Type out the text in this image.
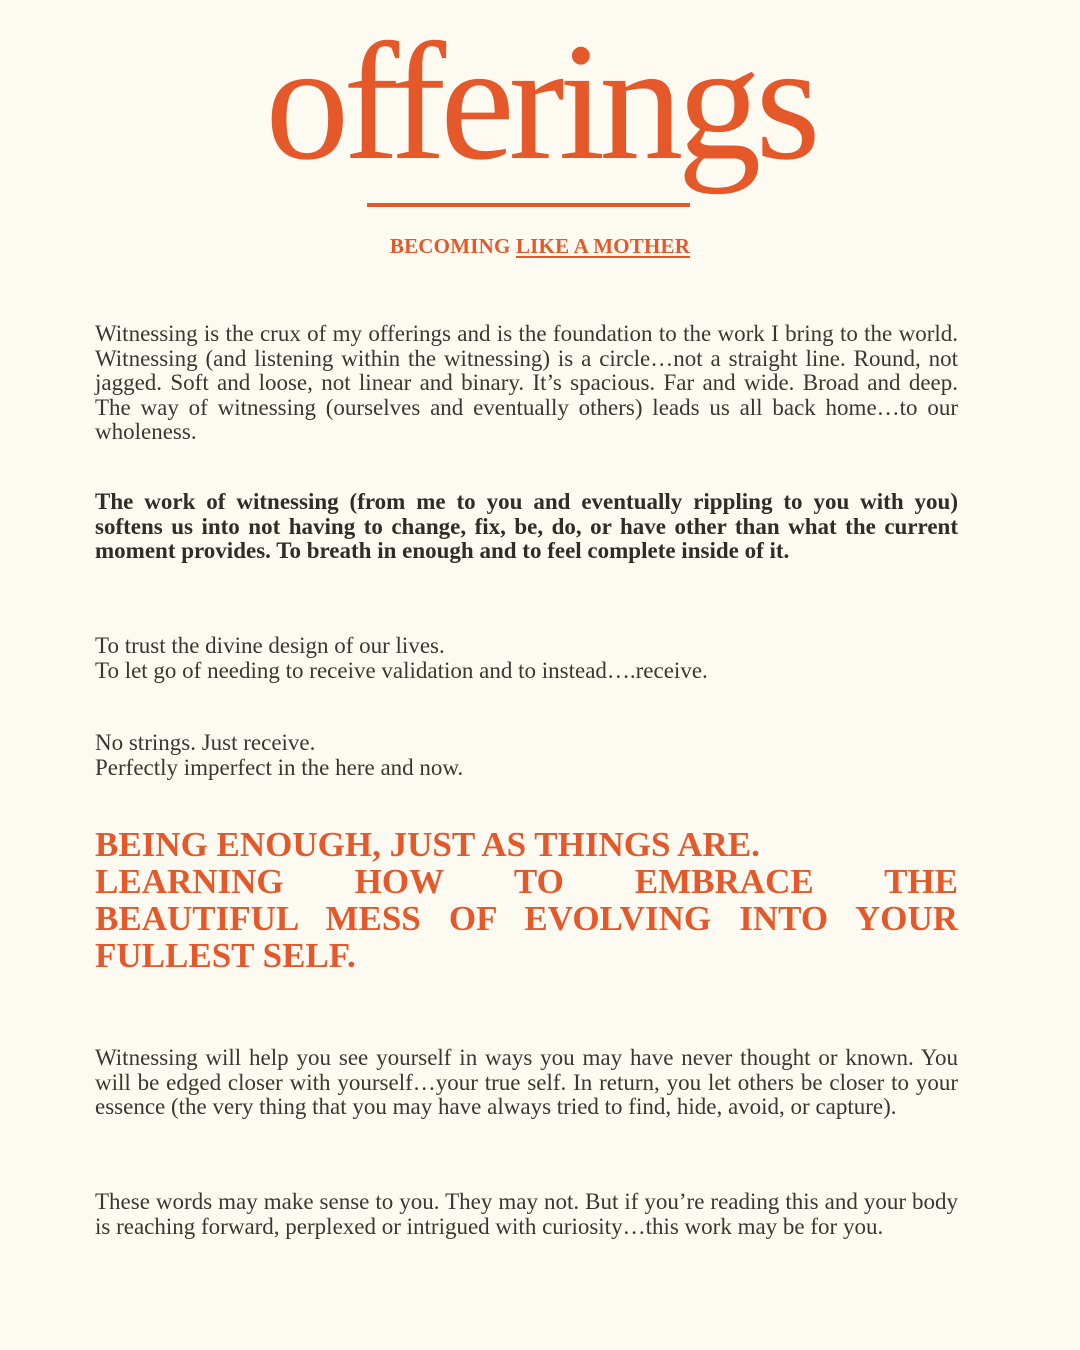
offerings
BECOMING LIKE A MOTHER

Witnessing is the crux of my offerings and is the foundation to the work I bring to the world. Witnessing (and listening within the witnessing) is a circle…not a straight line. Round, not jagged. Soft and loose, not linear and binary. It’s spacious. Far and wide. Broad and deep. The way of witnessing (ourselves and eventually others) leads us all back home…to our wholeness.

The work of witnessing (from me to you and eventually rippling to you with you) softens us into not having to change, fix, be, do, or have other than what the current moment provides. To breath in enough and to feel complete inside of it.

To trust the divine design of our lives.
To let go of needing to receive validation and to instead….receive.

No strings. Just receive.
Perfectly imperfect in the here and now.

BEING ENOUGH, JUST AS THINGS ARE.
LEARNING HOW TO EMBRACE THE
BEAUTIFUL MESS OF EVOLVING INTO YOUR
FULLEST SELF.

Witnessing will help you see yourself in ways you may have never thought or known. You will be edged closer with yourself…your true self. In return, you let others be closer to your essence (the very thing that you may have always tried to find, hide, avoid, or capture).

These words may make sense to you. They may not. But if you’re reading this and your body is reaching forward, perplexed or intrigued with curiosity…this work may be for you.
